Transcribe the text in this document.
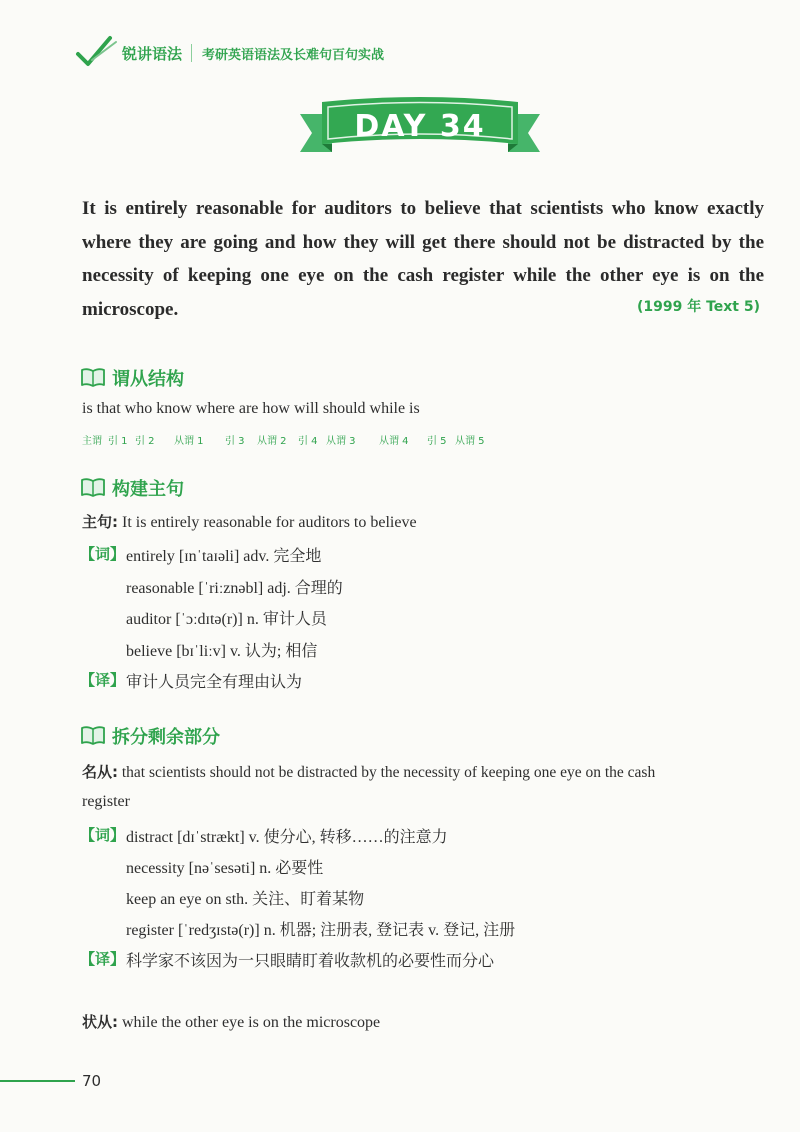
锐讲语法 考研英语语法及长难句百句实战
DAY 34
It is entirely reasonable for auditors to believe that scientists who know exactly where they are going and how they will get there should not be distracted by the necessity of keeping one eye on the cash register while the other eye is on the microscope.	(1999 年 Text 5)
谓从结构
is that who know where are how will should while is
主谓 引 1 引 2 从谓 1 引 3 从谓 2 引 4 从谓 3 从谓 4 引 5 从谓 5
构建主句
主句: It is entirely reasonable for auditors to believe
【词】 entirely [ɪnˈtaɪəli] adv. 完全地
reasonable [ˈriːznəbl] adj. 合理的
auditor [ˈɔːdɪtə(r)] n. 审计人员
believe [bɪˈliːv] v. 认为; 相信
【译】 审计人员完全有理由认为
拆分剩余部分
名从: that scientists should not be distracted by the necessity of keeping one eye on the cash
register
【词】 distract [dɪˈstrækt] v. 使分心, 转移……的注意力
necessity [nəˈsesəti] n. 必要性
keep an eye on sth. 关注、盯着某物
register [ˈredʒɪstə(r)] n. 机器; 注册表, 登记表 v. 登记, 注册
【译】 科学家不该因为一只眼睛盯着收款机的必要性而分心
状从: while the other eye is on the microscope
70
